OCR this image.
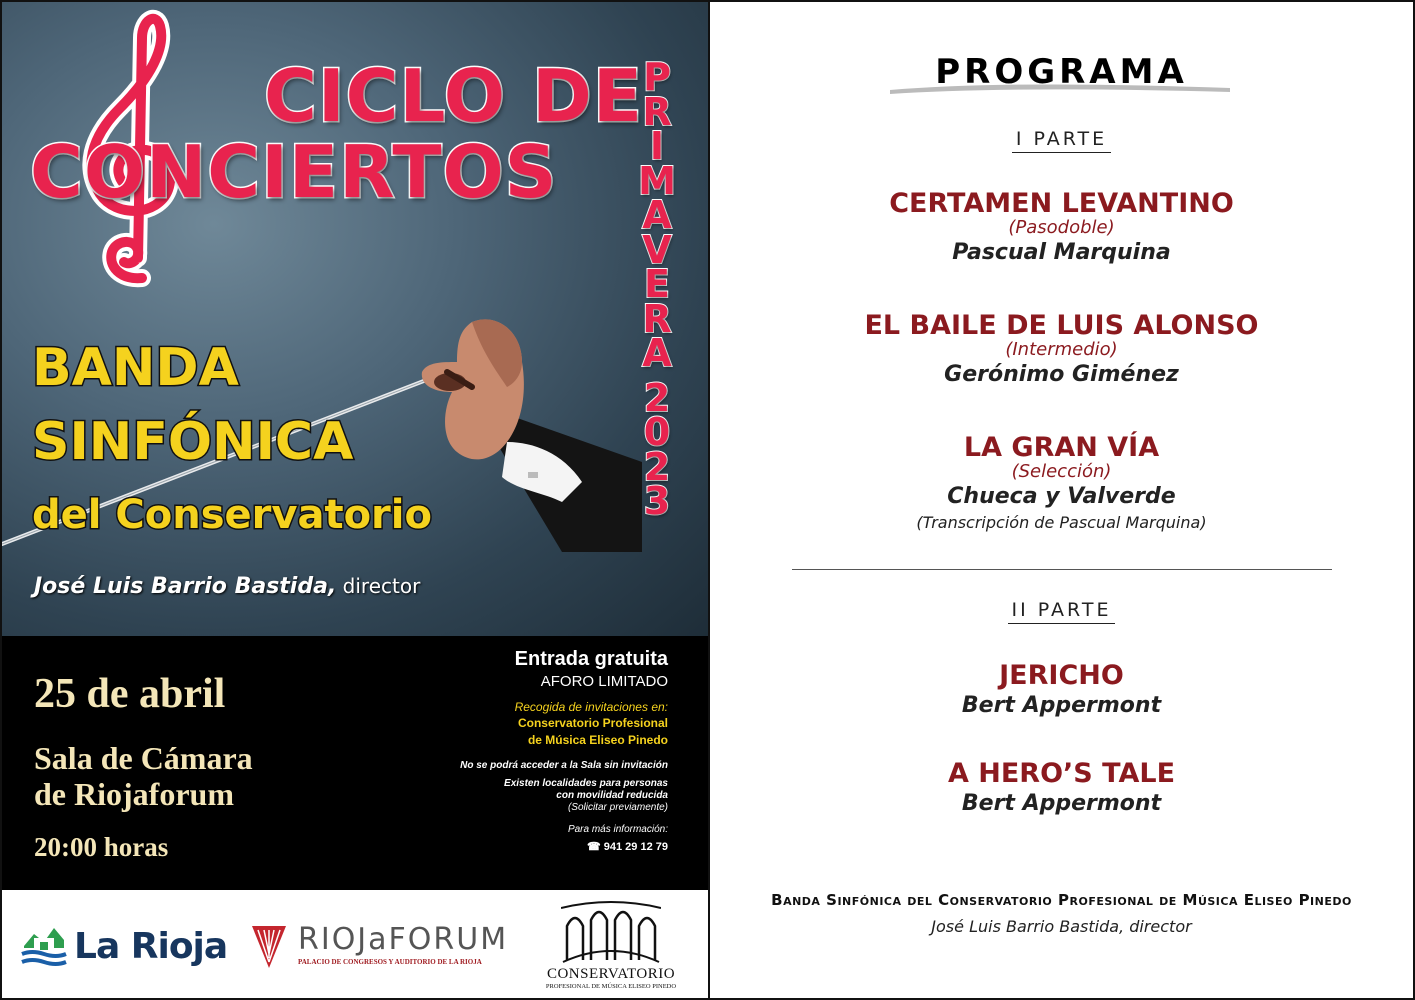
CICLO DE
CONCIERTOS
P
R
I
M
A
V
E
R
A
2
0
2
3
BANDA
SINFÓNICA
del Conservatorio
José Luis Barrio Bastida, director
25 de abril
Sala de Cámara
de Riojaforum
20:00 horas
Entrada gratuita
AFORO LIMITADO
Recogida de invitaciones en:
Conservatorio Profesional
de Música Eliseo Pinedo
No se podrá acceder a la Sala sin invitación
Existen localidades para personas
con movilidad reducida
(Solicitar previamente)
Para más información:
☎ 941 29 12 79
La Rioja RIOJaFORUM
PALACIO DE CONGRESOS Y AUDITORIO DE LA RIOJA
CONSERVATORIO
PROFESIONAL DE MÚSICA ELISEO PINEDO
PROGRAMA
I PARTE
CERTAMEN LEVANTINO
(Pasodoble)
Pascual Marquina
EL BAILE DE LUIS ALONSO
(Intermedio)
Gerónimo Giménez
LA GRAN VÍA
(Selección)
Chueca y Valverde
(Transcripción de Pascual Marquina)
II PARTE
JERICHO
Bert Appermont
A HERO’S TALE
Bert Appermont
Banda Sinfónica del Conservatorio Profesional de Música Eliseo Pinedo
José Luis Barrio Bastida, director
